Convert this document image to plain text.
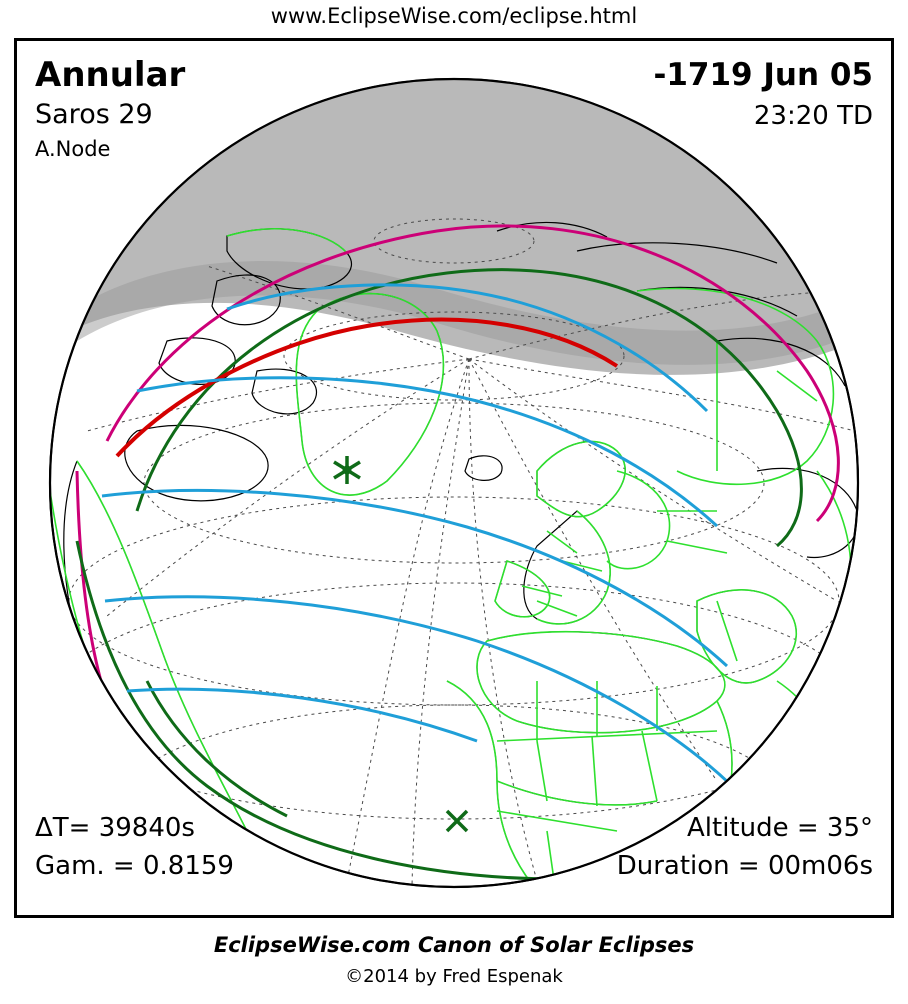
www.EclipseWise.com/eclipse.html
Annular	-1719 Jun 05
Saros 29	23:20 TD
A.Node
ΔT= 39840s
Gam. = 0.8159
Altitude = 35°
Duration = 00m06s
EclipseWise.com Canon of Solar Eclipses
©2014 by Fred Espenak
